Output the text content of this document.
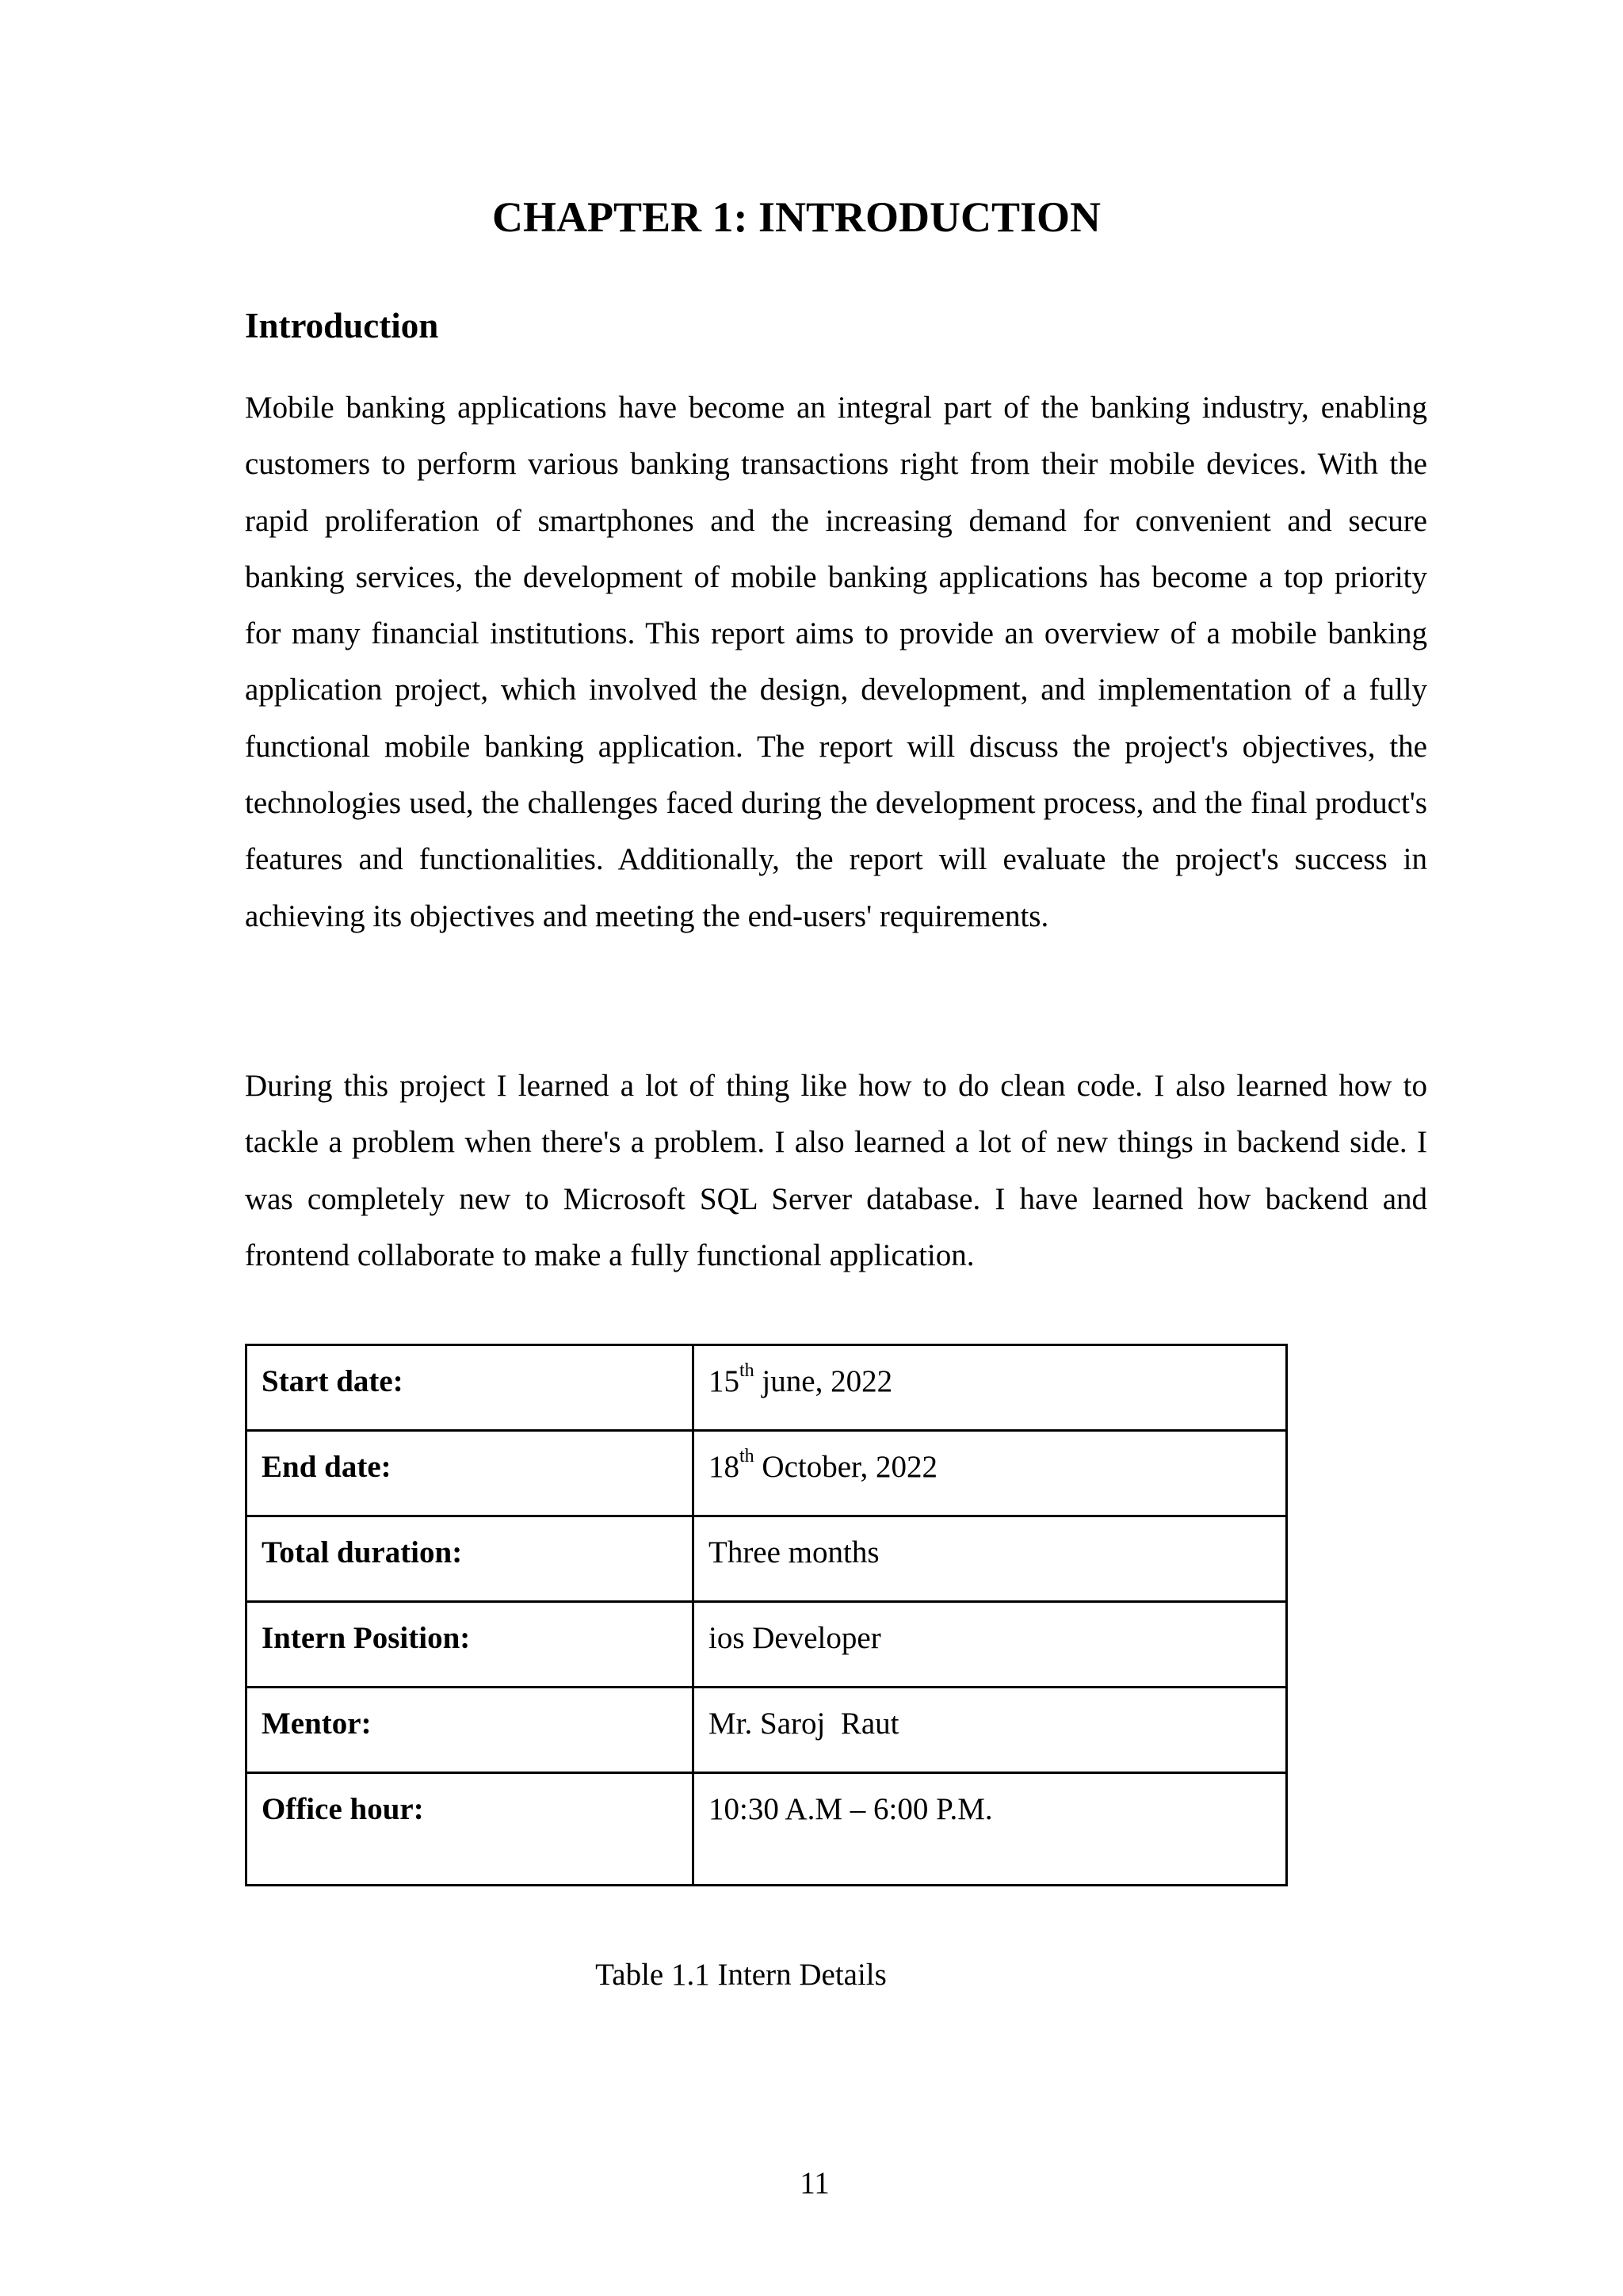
CHAPTER 1: INTRODUCTION
Introduction

Mobile banking applications have become an integral part of the banking industry, enabling customers to perform various banking transactions right from their mobile devices. With the rapid proliferation of smartphones and the increasing demand for convenient and secure banking services, the development of mobile banking applications has become a top priority for many financial institutions. This report aims to provide an overview of a mobile banking application project, which involved the design, development, and implementation of a fully functional mobile banking application. The report will discuss the project's objectives, the technologies used, the challenges faced during the development process, and the final product's features and functionalities. Additionally, the report will evaluate the project's success in achieving its objectives and meeting the end-users' requirements.

During this project I learned a lot of thing like how to do clean code. I also learned how to tackle a problem when there's a problem. I also learned a lot of new things in backend side. I was completely new to Microsoft SQL Server database. I have learned how backend and frontend collaborate to make a fully functional application.

Start date:	15th june, 2022
End date:	18th October, 2022
Total duration:	Three months
Intern Position:	ios Developer
Mentor:	Mr. Saroj  Raut
Office hour:	10:30 A.M – 6:00 P.M.

Table 1.1 Intern Details

11
